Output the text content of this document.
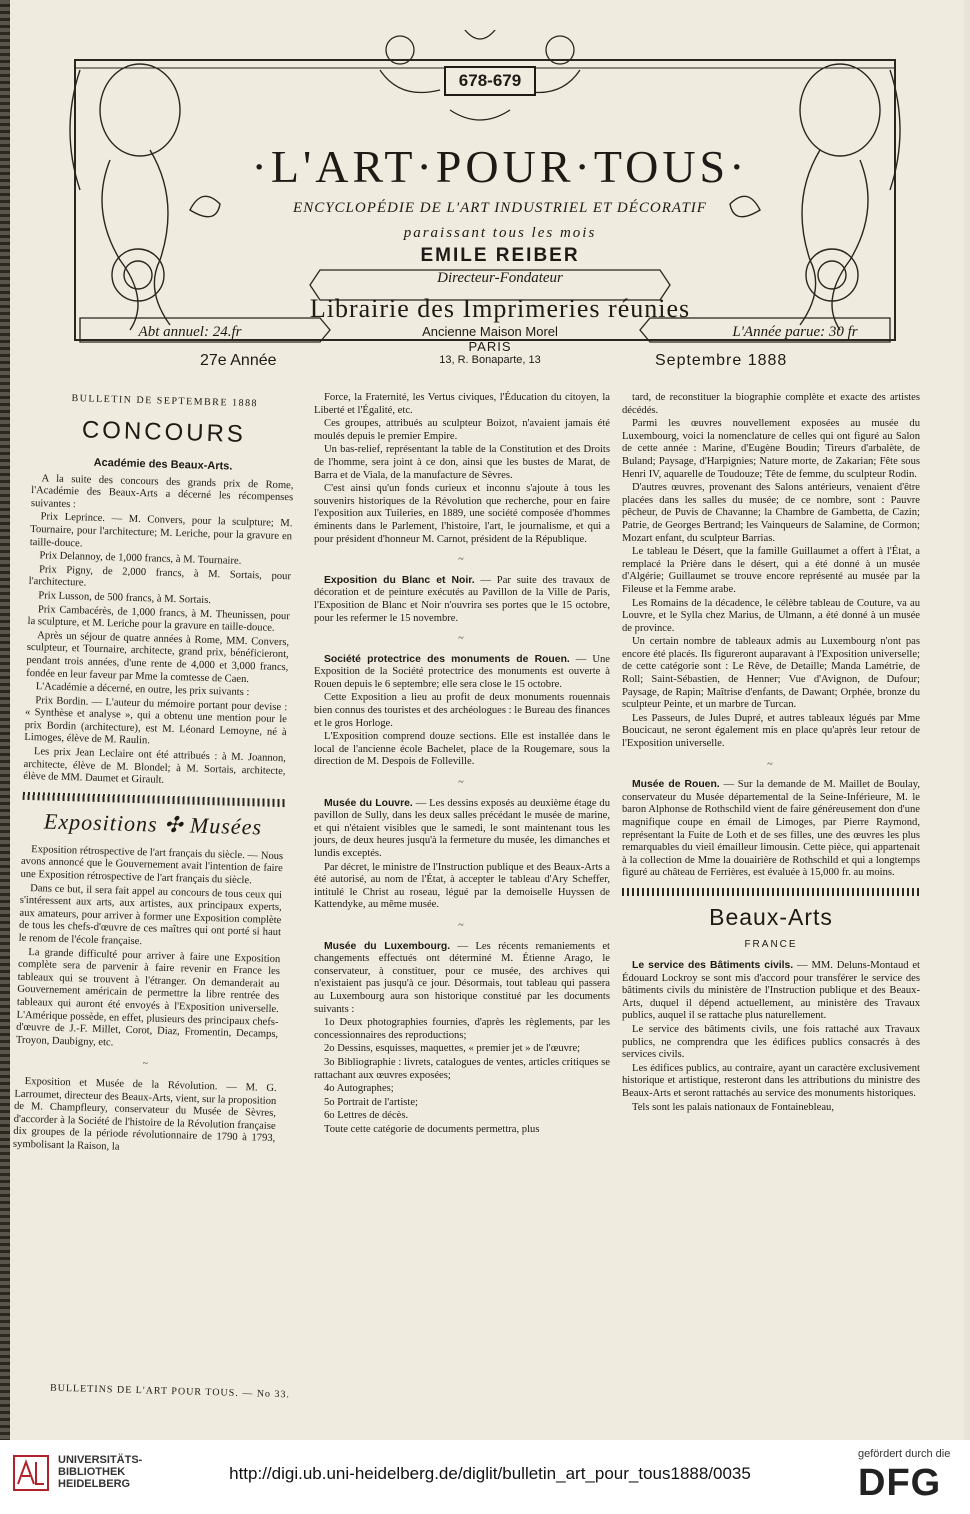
678-679
·L'ART·POUR·TOUS·
ENCYCLOPÉDIE DE L'ART INDUSTRIEL ET DÉCORATIF
paraissant tous les mois
EMILE REIBER
Directeur-Fondateur
Librairie des Imprimeries réunies
Abt annuel: 24.fr	L'Année parue: 30 fr
Ancienne Maison Morel
PARIS
13, R. Bonaparte, 13
27e Année	Septembre 1888
BULLETIN DE SEPTEMBRE 1888
CONCOURS
Académie des Beaux-Arts.

A la suite des concours des grands prix de Rome, l'Académie des Beaux-Arts a décerné les récompenses suivantes :

Prix Leprince. — M. Convers, pour la sculpture; M. Tournaire, pour l'architecture; M. Leriche, pour la gravure en taille-douce.

Prix Delannoy, de 1,000 francs, à M. Tournaire.

Prix Pigny, de 2,000 francs, à M. Sortais, pour l'architecture.

Prix Lusson, de 500 francs, à M. Sortais.

Prix Cambacérès, de 1,000 francs, à M. Theunissen, pour la sculpture, et M. Leriche pour la gravure en taille-douce.

Après un séjour de quatre années à Rome, MM. Convers, sculpteur, et Tournaire, architecte, grand prix, bénéficieront, pendant trois années, d'une rente de 4,000 et 3,000 francs, fondée en leur faveur par Mme la comtesse de Caen.

L'Académie a décerné, en outre, les prix suivants :

Prix Bordin. — L'auteur du mémoire portant pour devise : « Synthèse et analyse », qui a obtenu une mention pour le prix Bordin (architecture), est M. Léonard Lemoyne, né à Limoges, élève de M. Raulin.

Les prix Jean Leclaire ont été attribués : à M. Joannon, architecte, élève de M. Blondel; à M. Sortais, architecte, élève de MM. Daumet et Girault.

Expositions ✣ Musées

Exposition rétrospective de l'art français du siècle. — Nous avons annoncé que le Gouvernement avait l'intention de faire une Exposition rétrospective de l'art français du siècle.

Dans ce but, il sera fait appel au concours de tous ceux qui s'intéressent aux arts, aux artistes, aux principaux experts, aux amateurs, pour arriver à former une Exposition complète de tous les chefs-d'œuvre de ces maîtres qui ont porté si haut le renom de l'école française.

La grande difficulté pour arriver à faire une Exposition complète sera de parvenir à faire revenir en France les tableaux qui se trouvent à l'étranger. On demanderait au Gouvernement américain de permettre la libre rentrée des tableaux qui auront été envoyés à l'Exposition universelle. L'Amérique possède, en effet, plusieurs des principaux chefs-d'œuvre de J.-F. Millet, Corot, Diaz, Fromentin, Decamps, Troyon, Daubigny, etc.

~

Exposition et Musée de la Révolution. — M. G. Larroumet, directeur des Beaux-Arts, vient, sur la proposition de M. Champfleury, conservateur du Musée de Sèvres, d'accorder à la Société de l'histoire de la Révolution française dix groupes de la période révolutionnaire de 1790 à 1793, symbolisant la Raison, la

BULLETINS DE L'ART POUR TOUS. — No 33.

Force, la Fraternité, les Vertus civiques, l'Éducation du citoyen, la Liberté et l'Égalité, etc.

Ces groupes, attribués au sculpteur Boizot, n'avaient jamais été moulés depuis le premier Empire.

Un bas-relief, représentant la table de la Constitution et des Droits de l'homme, sera joint à ce don, ainsi que les bustes de Marat, de Barra et de Viala, de la manufacture de Sèvres.

C'est ainsi qu'un fonds curieux et inconnu s'ajoute à tous les souvenirs historiques de la Révolution que recherche, pour en faire l'exposition aux Tuileries, en 1889, une société composée d'hommes éminents dans le Parlement, l'histoire, l'art, le journalisme, et qui a pour président d'honneur M. Carnot, président de la République.

~

Exposition du Blanc et Noir. — Par suite des travaux de décoration et de peinture exécutés au Pavillon de la Ville de Paris, l'Exposition de Blanc et Noir n'ouvrira ses portes que le 15 octobre, pour les refermer le 15 novembre.

~

Société protectrice des monuments de Rouen. — Une Exposition de la Société protectrice des monuments est ouverte à Rouen depuis le 6 septembre; elle sera close le 15 octobre.

Cette Exposition a lieu au profit de deux monuments rouennais bien connus des touristes et des archéologues : le Bureau des finances et le gros Horloge.

L'Exposition comprend douze sections. Elle est installée dans le local de l'ancienne école Bachelet, place de la Rougemare, sous la direction de M. Despois de Folleville.

~

Musée du Louvre. — Les dessins exposés au deuxième étage du pavillon de Sully, dans les deux salles précédant le musée de marine, et qui n'étaient visibles que le samedi, le sont maintenant tous les jours, de deux heures jusqu'à la fermeture du musée, les dimanches et lundis exceptés.

Par décret, le ministre de l'Instruction publique et des Beaux-Arts a été autorisé, au nom de l'État, à accepter le tableau d'Ary Scheffer, intitulé le Christ au roseau, légué par la demoiselle Huyssen de Kattendyke, au même musée.

~

Musée du Luxembourg. — Les récents remaniements et changements effectués ont déterminé M. Étienne Arago, le conservateur, à constituer, pour ce musée, des archives qui n'existaient pas jusqu'à ce jour. Désormais, tout tableau qui passera au Luxembourg aura son historique constitué par les documents suivants :

1o Deux photographies fournies, d'après les règlements, par les concessionnaires des reproductions;

2o Dessins, esquisses, maquettes, « premier jet » de l'œuvre;

3o Bibliographie : livrets, catalogues de ventes, articles critiques se rattachant aux œuvres exposées;

4o Autographes;

5o Portrait de l'artiste;

6o Lettres de décès.

Toute cette catégorie de documents permettra, plus

tard, de reconstituer la biographie complète et exacte des artistes décédés.

Parmi les œuvres nouvellement exposées au musée du Luxembourg, voici la nomenclature de celles qui ont figuré au Salon de cette année : Marine, d'Eugène Boudin; Tireurs d'arbalète, de Buland; Paysage, d'Harpignies; Nature morte, de Zakarian; Fête sous Henri IV, aquarelle de Toudouze; Tête de femme, du sculpteur Rodin.

D'autres œuvres, provenant des Salons antérieurs, venaient d'être placées dans les salles du musée; de ce nombre, sont : Pauvre pêcheur, de Puvis de Chavanne; la Chambre de Gambetta, de Cazin; Patrie, de Georges Bertrand; les Vainqueurs de Salamine, de Cormon; Mozart enfant, du sculpteur Barrias.

Le tableau le Désert, que la famille Guillaumet a offert à l'État, a remplacé la Prière dans le désert, qui a été donné à un musée d'Algérie; Guillaumet se trouve encore représenté au musée par la Fileuse et la Femme arabe.

Les Romains de la décadence, le célèbre tableau de Couture, va au Louvre, et le Sylla chez Marius, de Ulmann, a été donné à un musée de province.

Un certain nombre de tableaux admis au Luxembourg n'ont pas encore été placés. Ils figureront auparavant à l'Exposition universelle; de cette catégorie sont : Le Rêve, de Detaille; Manda Lamétrie, de Roll; Saint-Sébastien, de Henner; Vue d'Avignon, de Dufour; Paysage, de Rapin; Maîtrise d'enfants, de Dawant; Orphée, bronze du sculpteur Peinte, et un marbre de Turcan.

Les Passeurs, de Jules Dupré, et autres tableaux légués par Mme Boucicaut, ne seront également mis en place qu'après leur retour de l'Exposition universelle.

~

Musée de Rouen. — Sur la demande de M. Maillet de Boulay, conservateur du Musée départemental de la Seine-Inférieure, M. le baron Alphonse de Rothschild vient de faire généreusement don d'une magnifique coupe en émail de Limoges, par Pierre Raymond, représentant la Fuite de Loth et de ses filles, une des œuvres les plus remarquables du vieil émailleur limousin. Cette pièce, qui appartenait à la collection de Mme la douairière de Rothschild et qui a longtemps figuré au château de Ferrières, est évaluée à 15,000 fr. au moins.

Beaux-Arts
FRANCE

Le service des Bâtiments civils. — MM. Deluns-Montaud et Édouard Lockroy se sont mis d'accord pour transférer le service des bâtiments civils du ministère de l'Instruction publique et des Beaux-Arts, duquel il dépend actuellement, au ministère des Travaux publics, auquel il se rattache plus naturellement.

Le service des bâtiments civils, une fois rattaché aux Travaux publics, ne comprendra que les édifices publics consacrés à des services civils.

Les édifices publics, au contraire, ayant un caractère exclusivement historique et artistique, resteront dans les attributions du ministre des Beaux-Arts et seront rattachés au service des monuments historiques.

Tels sont les palais nationaux de Fontainebleau,

UNIVERSITÄTS-
BIBLIOTHEK
HEIDELBERG
http://digi.ub.uni-heidelberg.de/diglit/bulletin_art_pour_tous1888/0035
gefördert durch die
DFG
